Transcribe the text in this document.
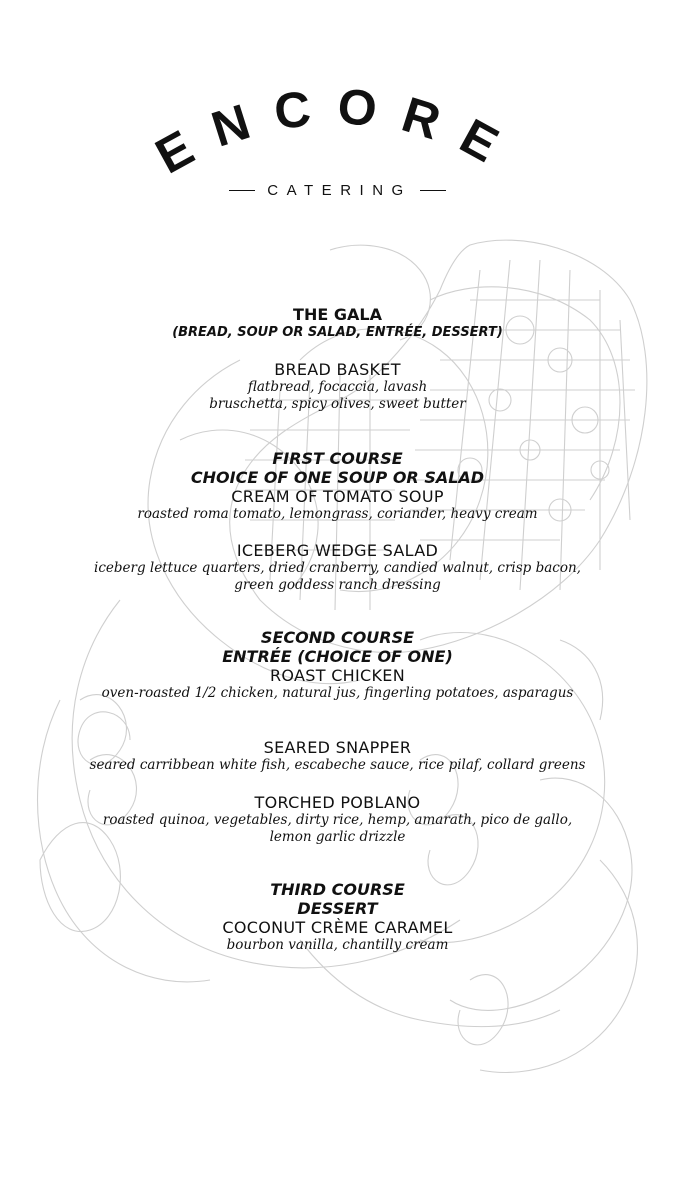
ENCORE
CATERING
THE GALA
(BREAD, SOUP OR SALAD, ENTRÉE, DESSERT)
BREAD BASKET
flatbread, focaccia, lavash
bruschetta, spicy olives, sweet butter
FIRST COURSE
CHOICE OF ONE SOUP OR SALAD
CREAM OF TOMATO SOUP
roasted roma tomato, lemongrass, coriander, heavy cream
ICEBERG WEDGE SALAD
iceberg lettuce quarters, dried cranberry, candied walnut, crisp bacon,
green goddess ranch dressing
SECOND COURSE
ENTRÉE (CHOICE OF ONE)
ROAST CHICKEN
oven-roasted 1/2 chicken, natural jus, fingerling potatoes, asparagus
SEARED SNAPPER
seared carribbean white fish, escabeche sauce, rice pilaf, collard greens
TORCHED POBLANO
roasted quinoa, vegetables, dirty rice, hemp, amarath, pico de gallo,
lemon garlic drizzle
THIRD COURSE
DESSERT
COCONUT CRÈME CARAMEL
bourbon vanilla, chantilly cream
